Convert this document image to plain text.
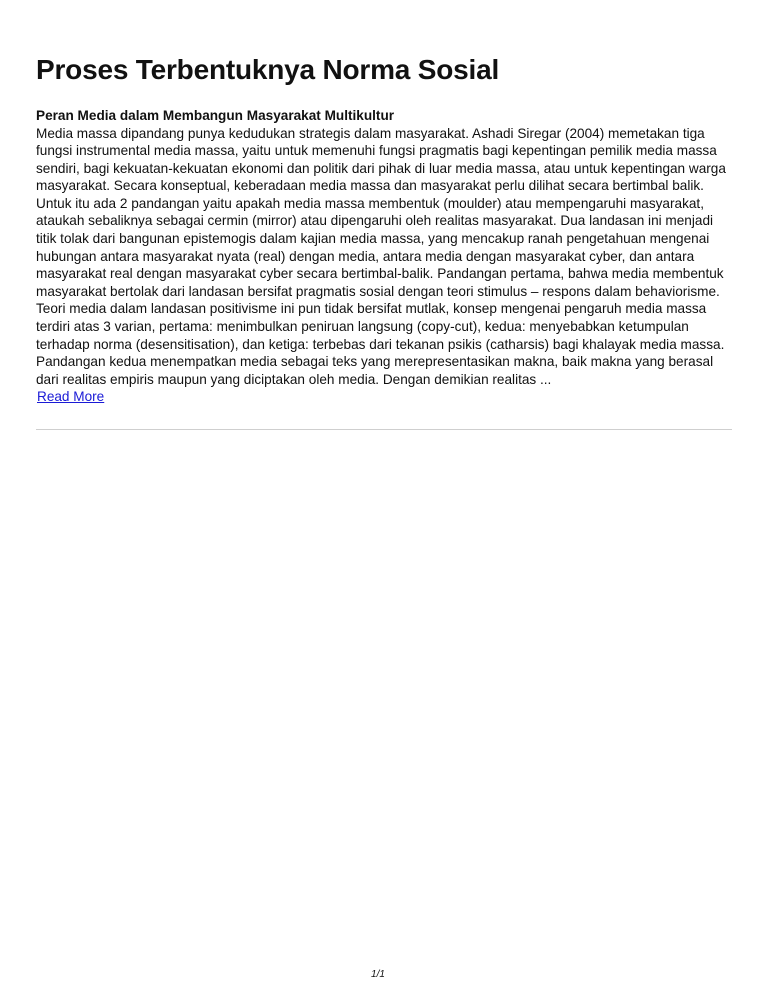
Proses Terbentuknya Norma Sosial

Peran Media dalam Membangun Masyarakat Multikultur

Media massa dipandang punya kedudukan strategis dalam masyarakat. Ashadi Siregar (2004) memetakan tiga fungsi instrumental media massa, yaitu untuk memenuhi fungsi pragmatis bagi kepentingan pemilik media massa sendiri, bagi kekuatan-kekuatan ekonomi dan politik dari pihak di luar media massa, atau untuk kepentingan warga masyarakat. Secara konseptual, keberadaan media massa dan masyarakat perlu dilihat secara bertimbal balik. Untuk itu ada 2 pandangan yaitu apakah media massa membentuk (moulder) atau mempengaruhi masyarakat, ataukah sebaliknya sebagai cermin (mirror) atau dipengaruhi oleh realitas masyarakat. Dua landasan ini menjadi titik tolak dari bangunan epistemogis dalam kajian media massa, yang mencakup ranah pengetahuan mengenai hubungan antara masyarakat nyata (real) dengan media, antara media dengan masyarakat cyber, dan antara masyarakat real dengan masyarakat cyber secara bertimbal-balik. Pandangan pertama, bahwa media membentuk masyarakat bertolak dari landasan bersifat pragmatis sosial dengan teori stimulus – respons dalam behaviorisme. Teori media dalam landasan positivisme ini pun tidak bersifat mutlak, konsep mengenai pengaruh media massa terdiri atas 3 varian, pertama: menimbulkan peniruan langsung (copy-cut), kedua: menyebabkan ketumpulan terhadap norma (desensitisation), dan ketiga: terbebas dari tekanan psikis (catharsis) bagi khalayak media massa. Pandangan kedua menempatkan media sebagai teks yang merepresentasikan makna, baik makna yang berasal dari realitas empiris maupun yang diciptakan oleh media. Dengan demikian realitas ...

Read More
1/1
